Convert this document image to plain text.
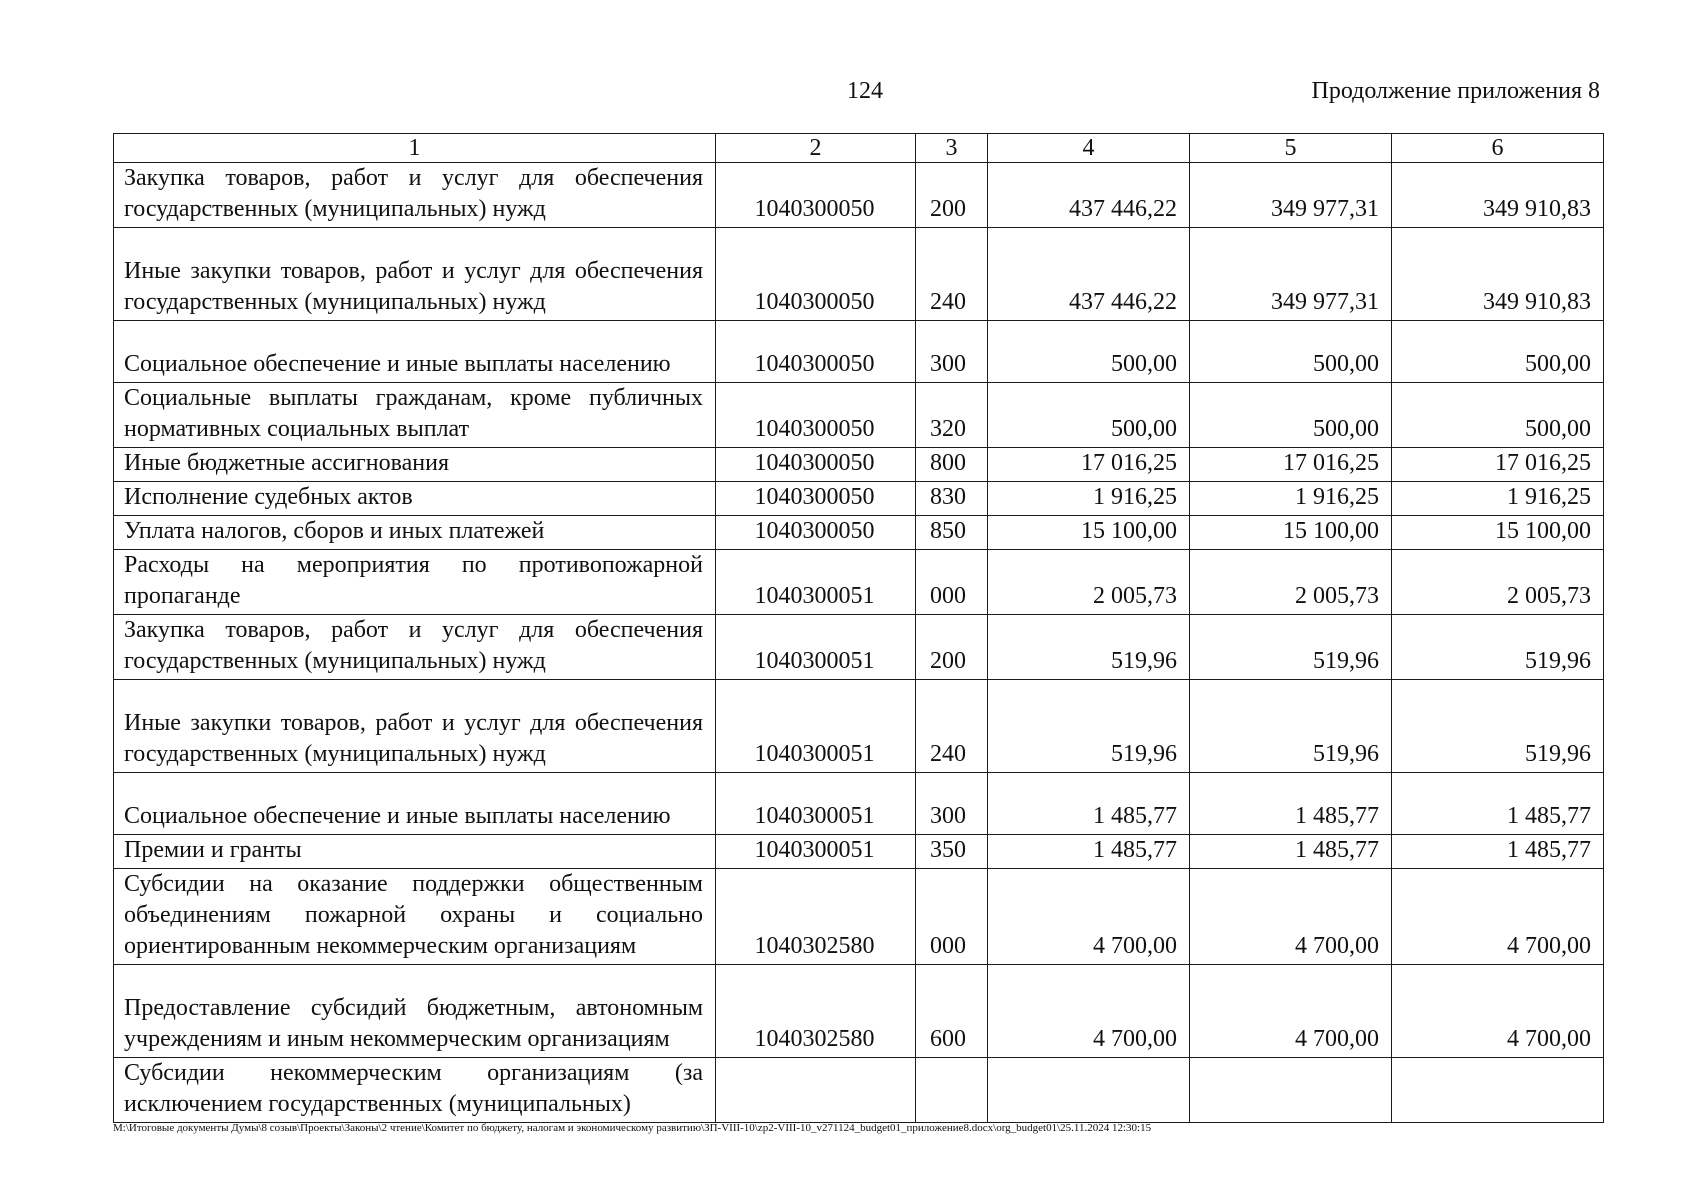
124	Продолжение приложения 8
1	2	3	4	5	6
Закупка товаров, работ и услуг для обеспечения государственных (муниципальных) нужд	1040300050	200	437 446,22	349 977,31	349 910,83
Иные закупки товаров, работ и услуг для обеспечения государственных (муниципальных) нужд	1040300050	240	437 446,22	349 977,31	349 910,83
Социальное обеспечение и иные выплаты населению	1040300050	300	500,00	500,00	500,00
Социальные выплаты гражданам, кроме публичных нормативных социальных выплат	1040300050	320	500,00	500,00	500,00
Иные бюджетные ассигнования	1040300050	800	17 016,25	17 016,25	17 016,25
Исполнение судебных актов	1040300050	830	1 916,25	1 916,25	1 916,25
Уплата налогов, сборов и иных платежей	1040300050	850	15 100,00	15 100,00	15 100,00
Расходы на мероприятия по противопожарной пропаганде	1040300051	000	2 005,73	2 005,73	2 005,73
Закупка товаров, работ и услуг для обеспечения государственных (муниципальных) нужд	1040300051	200	519,96	519,96	519,96
Иные закупки товаров, работ и услуг для обеспечения государственных (муниципальных) нужд	1040300051	240	519,96	519,96	519,96
Социальное обеспечение и иные выплаты населению	1040300051	300	1 485,77	1 485,77	1 485,77
Премии и гранты	1040300051	350	1 485,77	1 485,77	1 485,77
Субсидии на оказание поддержки общественным объединениям пожарной охраны и социально ориентированным некоммерческим организациям	1040302580	000	4 700,00	4 700,00	4 700,00
Предоставление субсидий бюджетным, автономным учреждениям и иным некоммерческим организациям	1040302580	600	4 700,00	4 700,00	4 700,00
Субсидии некоммерческим организациям (за исключением государственных (муниципальных)					
M:\Итоговые документы Думы\8 созыв\Проекты\Законы\2 чтение\Комитет по бюджету, налогам и экономическому развитию\ЗП-VIII-10\zp2-VIII-10_v271124_budget01_приложение8.docx\org_budget01\25.11.2024 12:30:15
